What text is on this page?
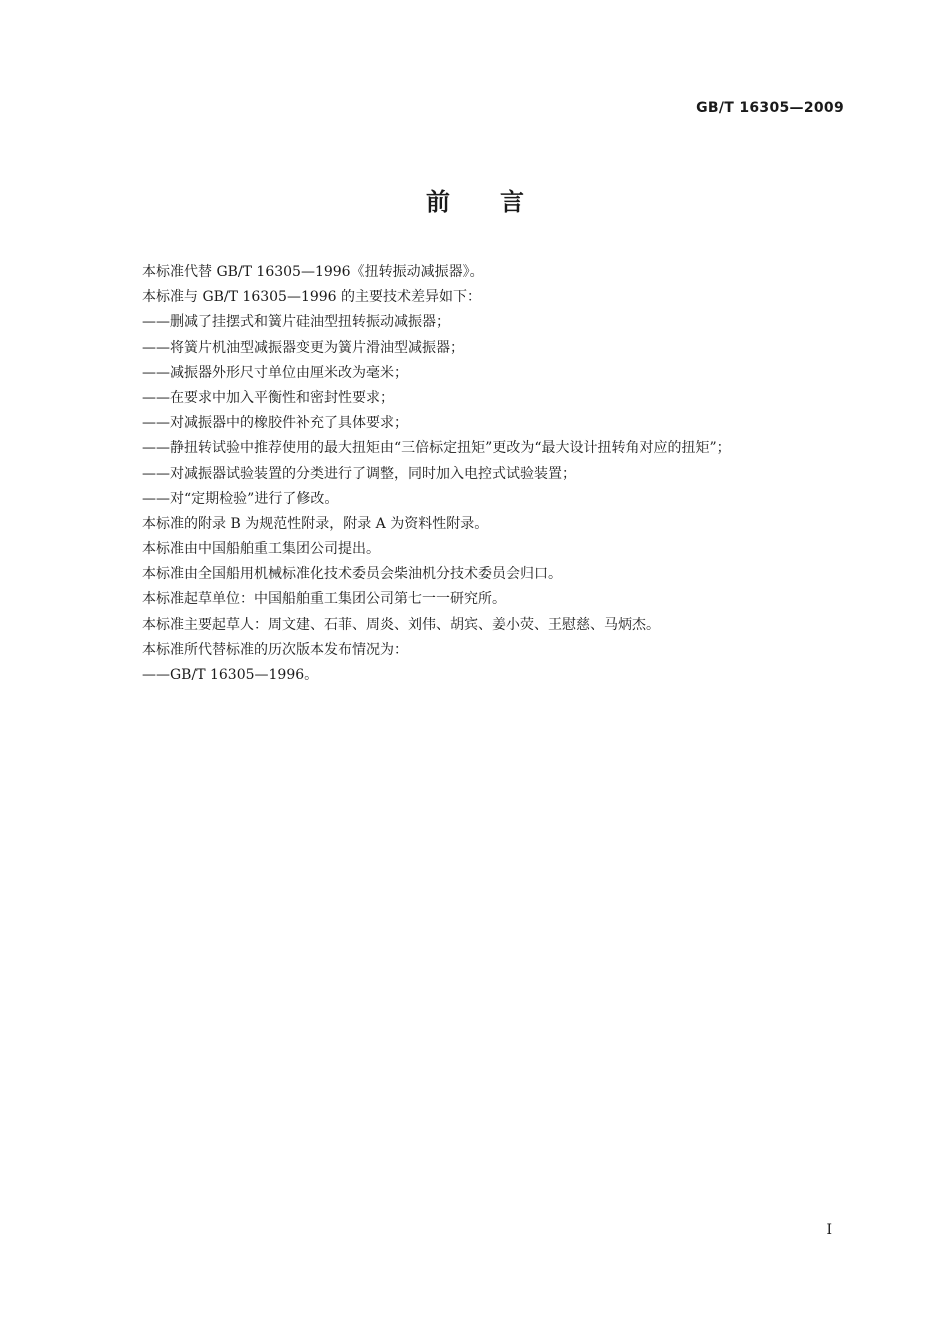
GB/T 16305—2009
前言
本标准代替 GB/T 16305—1996《扭转振动减振器》。
本标准与 GB/T 16305—1996 的主要技术差异如下：
——删减了挂摆式和簧片硅油型扭转振动减振器；
——将簧片机油型减振器变更为簧片滑油型减振器；
——减振器外形尺寸单位由厘米改为毫米；
——在要求中加入平衡性和密封性要求；
——对减振器中的橡胶件补充了具体要求；
——静扭转试验中推荐使用的最大扭矩由“三倍标定扭矩”更改为“最大设计扭转角对应的扭矩”；
——对减振器试验装置的分类进行了调整，同时加入电控式试验装置；
——对“定期检验”进行了修改。
本标准的附录 B 为规范性附录，附录 A 为资料性附录。
本标准由中国船舶重工集团公司提出。
本标准由全国船用机械标准化技术委员会柴油机分技术委员会归口。
本标准起草单位：中国船舶重工集团公司第七一一研究所。
本标准主要起草人：周文建、石菲、周炎、刘伟、胡宾、姜小荧、王慰慈、马炳杰。
本标准所代替标准的历次版本发布情况为：
——GB/T 16305—1996。
I
